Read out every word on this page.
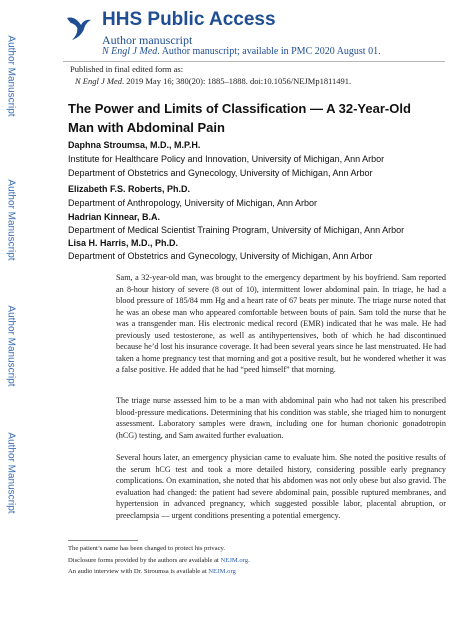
Author Manuscript
Author Manuscript
Author Manuscript
Author Manuscript
HHS Public Access
Author manuscript
N Engl J Med. Author manuscript; available in PMC 2020 August 01.
Published in final edited form as:
N Engl J Med. 2019 May 16; 380(20): 1885–1888. doi:10.1056/NEJMp1811491.
The Power and Limits of Classification — A 32-Year-Old Man with Abdominal Pain
Daphna Stroumsa, M.D., M.P.H.
Institute for Healthcare Policy and Innovation, University of Michigan, Ann Arbor
Department of Obstetrics and Gynecology, University of Michigan, Ann Arbor
Elizabeth F.S. Roberts, Ph.D.
Department of Anthropology, University of Michigan, Ann Arbor
Hadrian Kinnear, B.A.
Department of Medical Scientist Training Program, University of Michigan, Ann Arbor
Lisa H. Harris, M.D., Ph.D.
Department of Obstetrics and Gynecology, University of Michigan, Ann Arbor

Sam, a 32-year-old man, was brought to the emergency department by his boyfriend. Sam reported an 8-hour history of severe (8 out of 10), intermittent lower abdominal pain. In triage, he had a blood pressure of 185/84 mm Hg and a heart rate of 67 beats per minute. The triage nurse noted that he was an obese man who appeared comfortable between bouts of pain. Sam told the nurse that he was a transgender man. His electronic medical record (EMR) indicated that he was male. He had previously used testosterone, as well as antihypertensives, both of which he had discontinued because he’d lost his insurance coverage. It had been several years since he last menstruated. He had taken a home pregnancy test that morning and got a positive result, but he wondered whether it was a false positive. He added that he had “peed himself” that morning.

The triage nurse assessed him to be a man with abdominal pain who had not taken his prescribed blood-pressure medications. Determining that his condition was stable, she triaged him to nonurgent assessment. Laboratory samples were drawn, including one for human chorionic gonadotropin (hCG) testing, and Sam awaited further evaluation.

Several hours later, an emergency physician came to evaluate him. She noted the positive results of the serum hCG test and took a more detailed history, considering possible early pregnancy complications. On examination, she noted that his abdomen was not only obese but also gravid. The evaluation had changed: the patient had severe abdominal pain, possible ruptured membranes, and hypertension in advanced pregnancy, which suggested possible labor, placental abruption, or preeclampsia — urgent conditions presenting a potential emergency.

The patient’s name has been changed to protect his privacy.
Disclosure forms provided by the authors are available at NEJM.org.
An audio interview with Dr. Stroumsa is available at NEJM.org
